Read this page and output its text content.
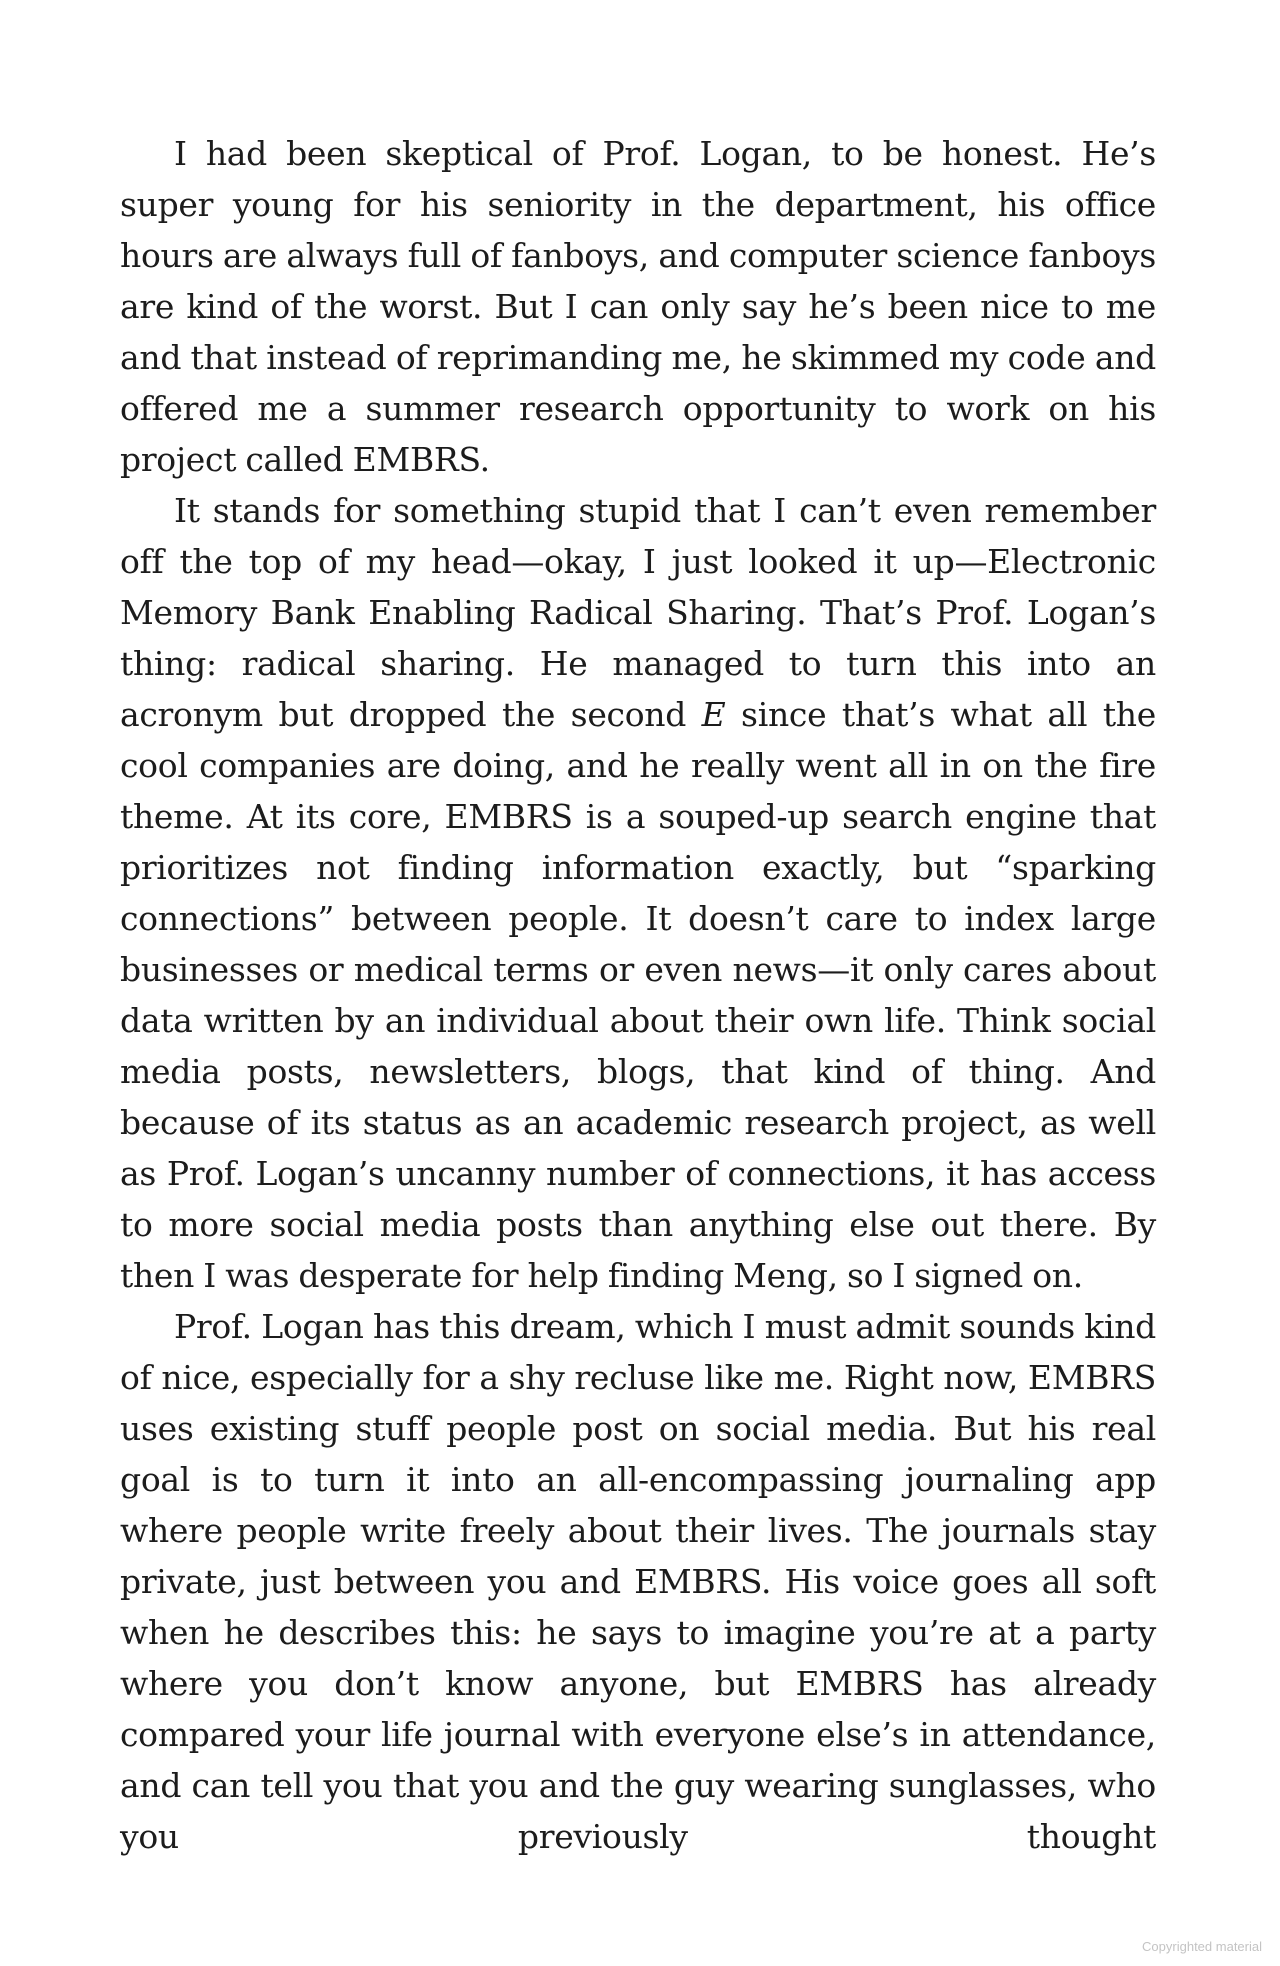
I had been skeptical of Prof. Logan, to be honest. He’s super young for his seniority in the department, his office hours are always full of fanboys, and computer science fanboys are kind of the worst. But I can only say he’s been nice to me and that instead of reprimanding me, he skimmed my code and offered me a summer research opportunity to work on his project called EMBRS.

It stands for something stupid that I can’t even remember off the top of my head—okay, I just looked it up—Electronic Memory Bank Enabling Radical Sharing. That’s Prof. Logan’s thing: radical sharing. He managed to turn this into an acronym but dropped the second E since that’s what all the cool companies are doing, and he really went all in on the fire theme. At its core, EMBRS is a souped-up search engine that prioritizes not finding information exactly, but “sparking connections” between people. It doesn’t care to index large businesses or medical terms or even news—it only cares about data written by an individual about their own life. Think social media posts, newsletters, blogs, that kind of thing. And because of its status as an academic research project, as well as Prof. Logan’s uncanny number of connections, it has access to more social media posts than anything else out there. By then I was desperate for help finding Meng, so I signed on.

Prof. Logan has this dream, which I must admit sounds kind of nice, especially for a shy recluse like me. Right now, EMBRS uses existing stuff people post on social media. But his real goal is to turn it into an all-encompassing journaling app where people write freely about their lives. The journals stay private, just between you and EMBRS. His voice goes all soft when he describes this: he says to imagine you’re at a party where you don’t know anyone, but EMBRS has already compared your life journal with everyone else’s in attendance, and can tell you that you and the guy wearing sunglasses, who you previously thought

Copyrighted material
